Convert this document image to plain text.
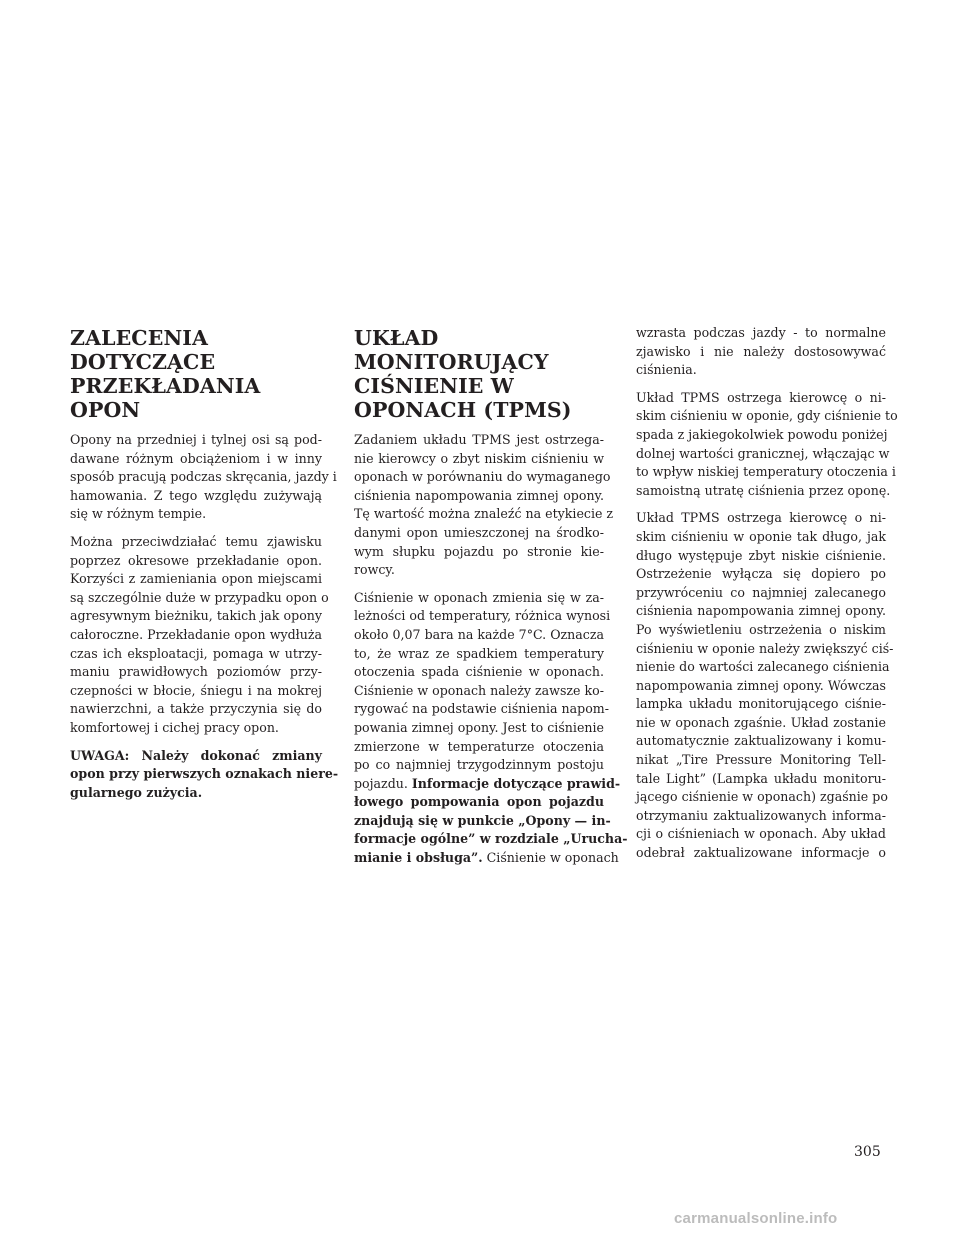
ZALECENIA
DOTYCZĄCE
PRZEKŁADANIA OPON

Opony na przedniej i tylnej osi są pod-
dawane różnym obciążeniom i w inny
sposób pracują podczas skręcania, jazdy i
hamowania. Z tego względu zużywają
się w różnym tempie.

Można przeciwdziałać temu zjawisku
poprzez okresowe przekładanie opon.
Korzyści z zamieniania opon miejscami
są szczególnie duże w przypadku opon o
agresywnym bieżniku, takich jak opony
całoroczne. Przekładanie opon wydłuża
czas ich eksploatacji, pomaga w utrzy-
maniu prawidłowych poziomów przy-
czepności w błocie, śniegu i na mokrej
nawierzchni, a także przyczynia się do
komfortowej i cichej pracy opon.

UWAGA: Należy dokonać zmiany
opon przy pierwszych oznakach niere-
gularnego zużycia.

UKŁAD
MONITORUJĄCY
CIŚNIENIE W
OPONACH (TPMS)

Zadaniem układu TPMS jest ostrzega-
nie kierowcy o zbyt niskim ciśnieniu w
oponach w porównaniu do wymaganego
ciśnienia napompowania zimnej opony.
Tę wartość można znaleźć na etykiecie z
danymi opon umieszczonej na środko-
wym słupku pojazdu po stronie kie-
rowcy.

Ciśnienie w oponach zmienia się w za-
leżności od temperatury, różnica wynosi
około 0,07 bara na każde 7°C. Oznacza
to, że wraz ze spadkiem temperatury
otoczenia spada ciśnienie w oponach.
Ciśnienie w oponach należy zawsze ko-
rygować na podstawie ciśnienia napom-
powania zimnej opony. Jest to ciśnienie
zmierzone w temperaturze otoczenia
po co najmniej trzygodzinnym postoju
pojazdu. Informacje dotyczące prawid-
łowego pompowania opon pojazdu
znajdują się w punkcie „Opony — in-
formacje ogólne” w rozdziale „Urucha-
mianie i obsługa”. Ciśnienie w oponach

wzrasta podczas jazdy - to normalne
zjawisko i nie należy dostosowywać
ciśnienia.

Układ TPMS ostrzega kierowcę o ni-
skim ciśnieniu w oponie, gdy ciśnienie to
spada z jakiegokolwiek powodu poniżej
dolnej wartości granicznej, włączając w
to wpływ niskiej temperatury otoczenia i
samoistną utratę ciśnienia przez oponę.

Układ TPMS ostrzega kierowcę o ni-
skim ciśnieniu w oponie tak długo, jak
długo występuje zbyt niskie ciśnienie.
Ostrzeżenie wyłącza się dopiero po
przywróceniu co najmniej zalecanego
ciśnienia napompowania zimnej opony.
Po wyświetleniu ostrzeżenia o niskim
ciśnieniu w oponie należy zwiększyć ciś-
nienie do wartości zalecanego ciśnienia
napompowania zimnej opony. Wówczas
lampka układu monitorującego ciśnie-
nie w oponach zgaśnie. Układ zostanie
automatycznie zaktualizowany i komu-
nikat „Tire Pressure Monitoring Tell-
tale Light” (Lampka układu monitoru-
jącego ciśnienie w oponach) zgaśnie po
otrzymaniu zaktualizowanych informa-
cji o ciśnieniach w oponach. Aby układ
odebrał zaktualizowane informacje o

305
carmanualsonline.info
